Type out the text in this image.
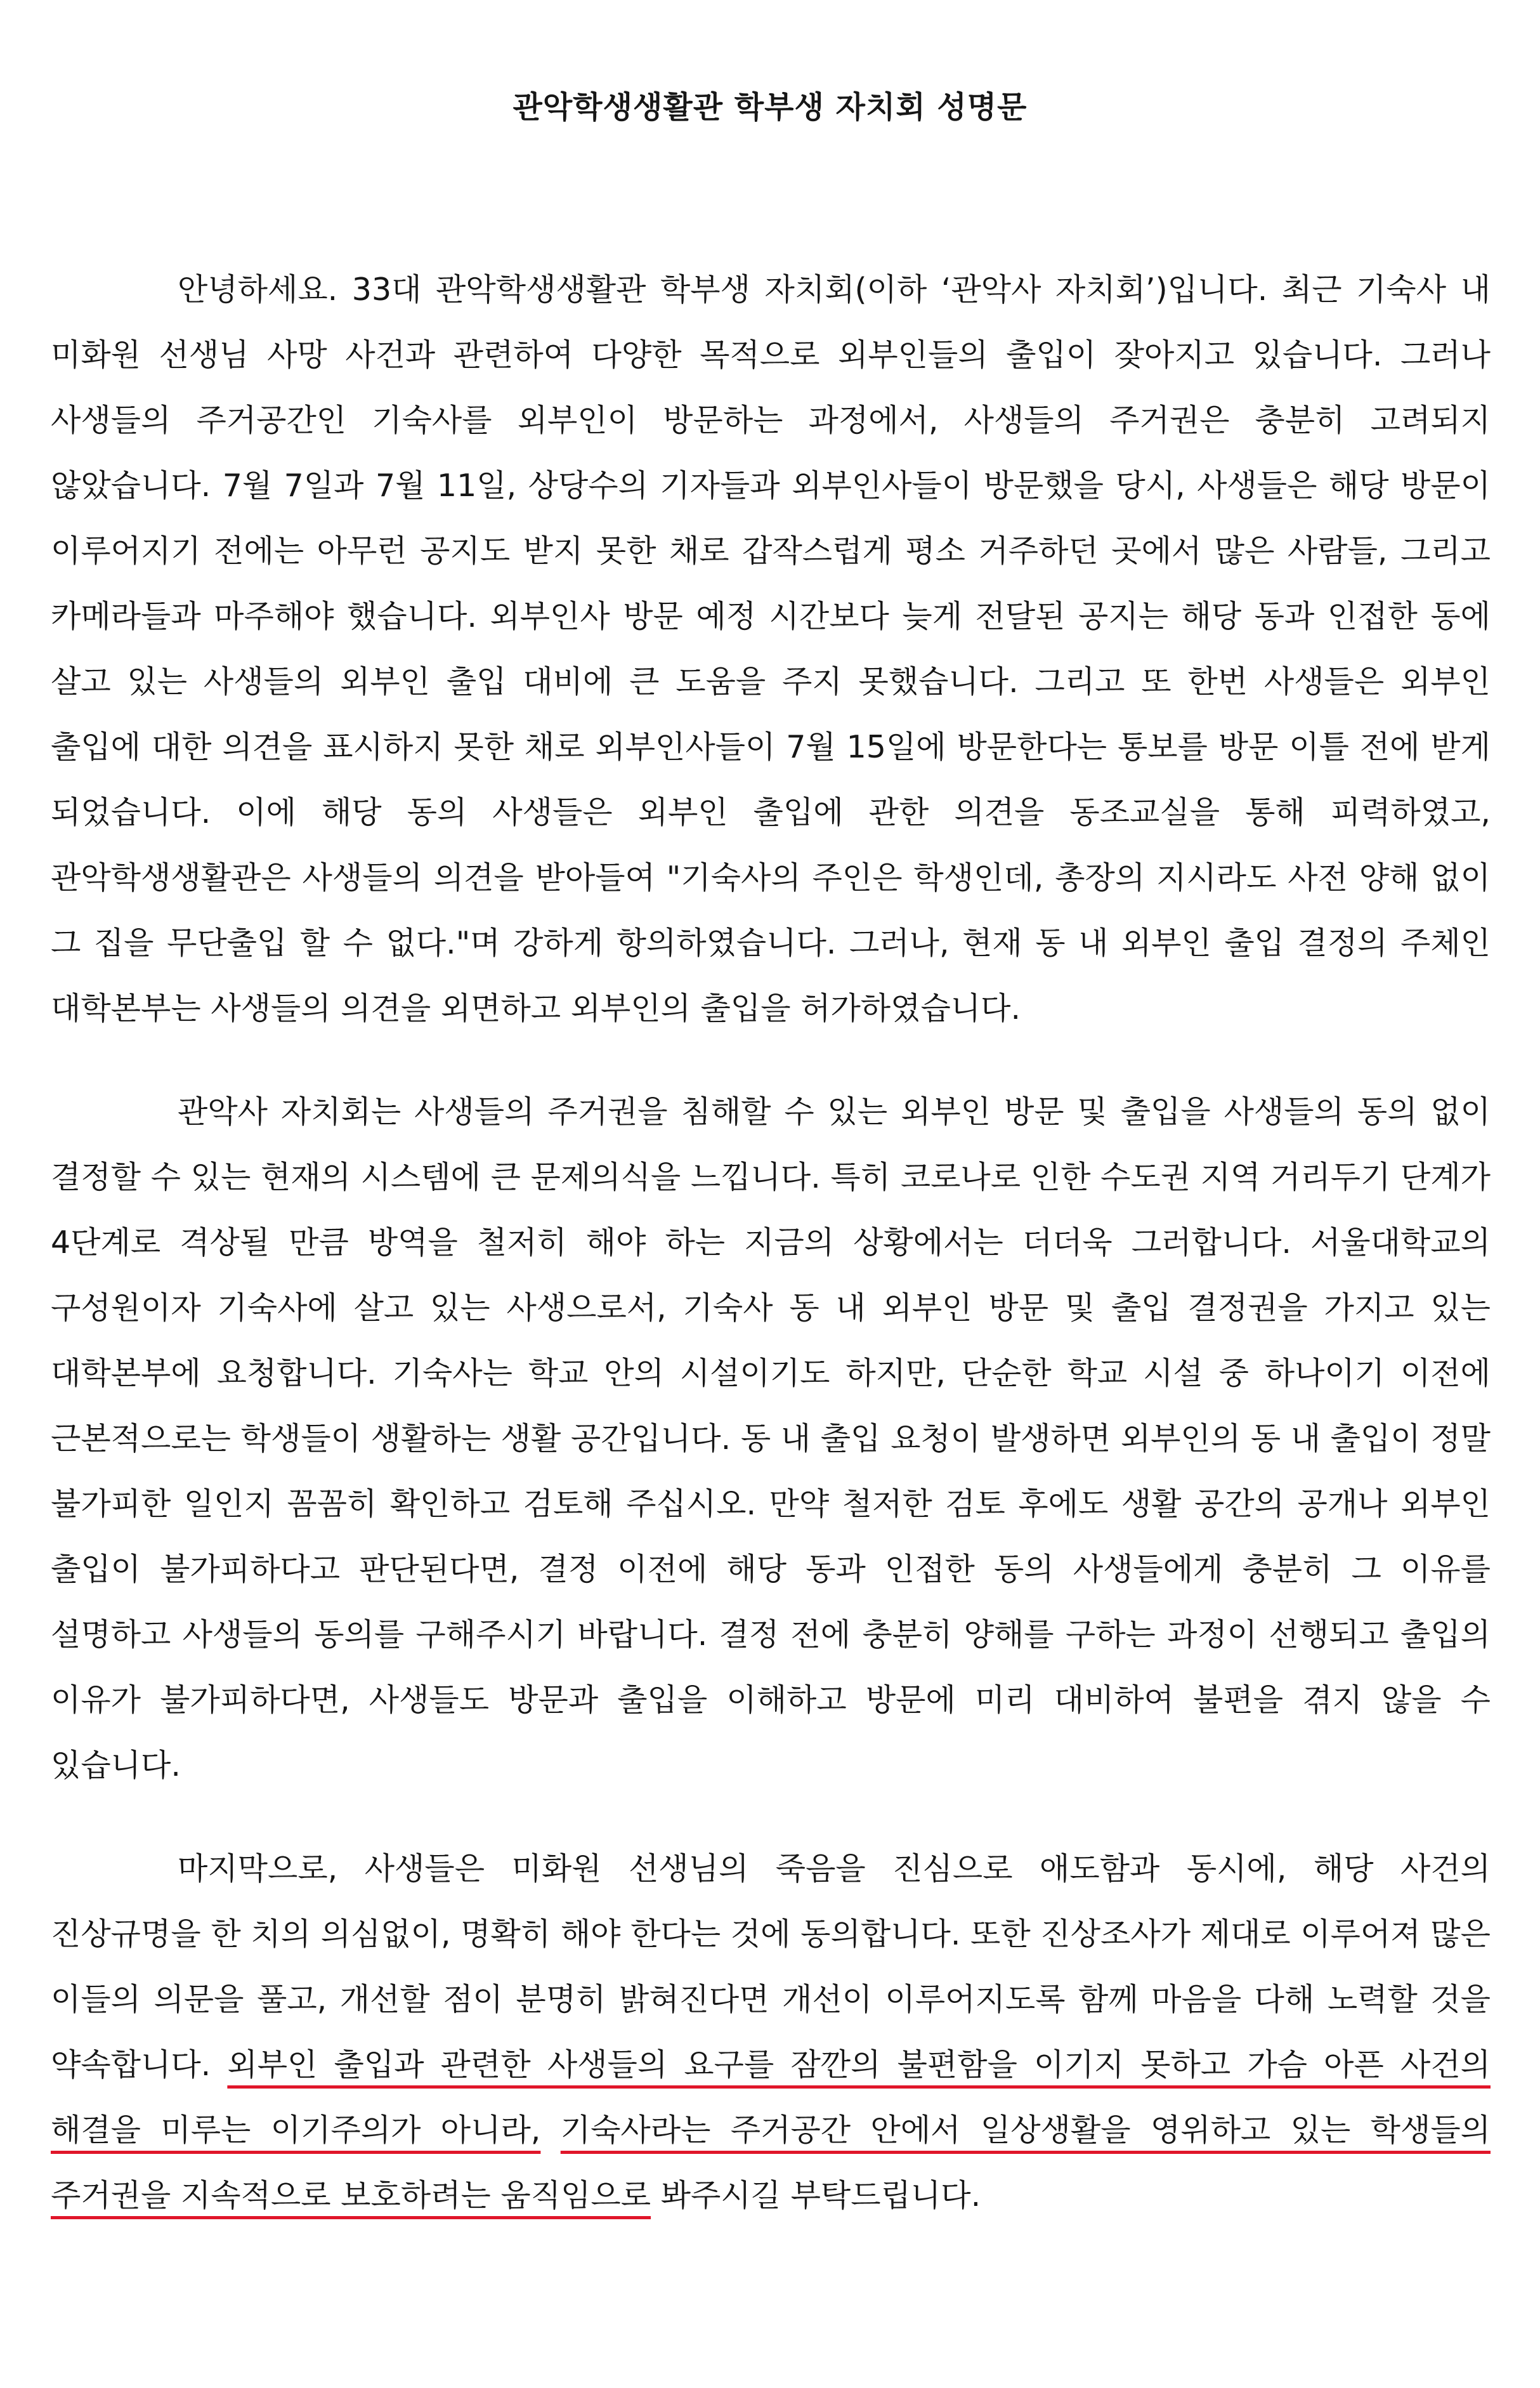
관악학생생활관 학부생 자치회 성명문

안녕하세요. 33대 관악학생생활관 학부생 자치회(이하 ‘관악사 자치회’)입니다. 최근 기숙사 내 미화원 선생님 사망 사건과 관련하여 다양한 목적으로 외부인들의 출입이 잦아지고 있습니다. 그러나 사생들의 주거공간인 기숙사를 외부인이 방문하는 과정에서, 사생들의 주거권은 충분히 고려되지 않았습니다. 7월 7일과 7월 11일, 상당수의 기자들과 외부인사들이 방문했을 당시, 사생들은 해당 방문이 이루어지기 전에는 아무런 공지도 받지 못한 채로 갑작스럽게 평소 거주하던 곳에서 많은 사람들, 그리고 카메라들과 마주해야 했습니다. 외부인사 방문 예정 시간보다 늦게 전달된 공지는 해당 동과 인접한 동에 살고 있는 사생들의 외부인 출입 대비에 큰 도움을 주지 못했습니다. 그리고 또 한번 사생들은 외부인 출입에 대한 의견을 표시하지 못한 채로 외부인사들이 7월 15일에 방문한다는 통보를 방문 이틀 전에 받게 되었습니다. 이에 해당 동의 사생들은 외부인 출입에 관한 의견을 동조교실을 통해 피력하였고, 관악학생생활관은 사생들의 의견을 받아들여 "기숙사의 주인은 학생인데, 총장의 지시라도 사전 양해 없이 그 집을 무단출입 할 수 없다."며 강하게 항의하였습니다. 그러나, 현재 동 내 외부인 출입 결정의 주체인 대학본부는 사생들의 의견을 외면하고 외부인의 출입을 허가하였습니다.

관악사 자치회는 사생들의 주거권을 침해할 수 있는 외부인 방문 및 출입을 사생들의 동의 없이 결정할 수 있는 현재의 시스템에 큰 문제의식을 느낍니다. 특히 코로나로 인한 수도권 지역 거리두기 단계가 4단계로 격상될 만큼 방역을 철저히 해야 하는 지금의 상황에서는 더더욱 그러합니다. 서울대학교의 구성원이자 기숙사에 살고 있는 사생으로서, 기숙사 동 내 외부인 방문 및 출입 결정권을 가지고 있는 대학본부에 요청합니다. 기숙사는 학교 안의 시설이기도 하지만, 단순한 학교 시설 중 하나이기 이전에 근본적으로는 학생들이 생활하는 생활 공간입니다. 동 내 출입 요청이 발생하면 외부인의 동 내 출입이 정말 불가피한 일인지 꼼꼼히 확인하고 검토해 주십시오. 만약 철저한 검토 후에도 생활 공간의 공개나 외부인 출입이 불가피하다고 판단된다면, 결정 이전에 해당 동과 인접한 동의 사생들에게 충분히 그 이유를 설명하고 사생들의 동의를 구해주시기 바랍니다. 결정 전에 충분히 양해를 구하는 과정이 선행되고 출입의 이유가 불가피하다면, 사생들도 방문과 출입을 이해하고 방문에 미리 대비하여 불편을 겪지 않을 수 있습니다.

마지막으로, 사생들은 미화원 선생님의 죽음을 진심으로 애도함과 동시에, 해당 사건의 진상규명을 한 치의 의심없이, 명확히 해야 한다는 것에 동의합니다. 또한 진상조사가 제대로 이루어져 많은 이들의 의문을 풀고, 개선할 점이 분명히 밝혀진다면 개선이 이루어지도록 함께 마음을 다해 노력할 것을 약속합니다. 외부인 출입과 관련한 사생들의 요구를 잠깐의 불편함을 이기지 못하고 가슴 아픈 사건의 해결을 미루는 이기주의가 아니라, 기숙사라는 주거공간 안에서 일상생활을 영위하고 있는 학생들의 주거권을 지속적으로 보호하려는 움직임으로 봐주시길 부탁드립니다.
